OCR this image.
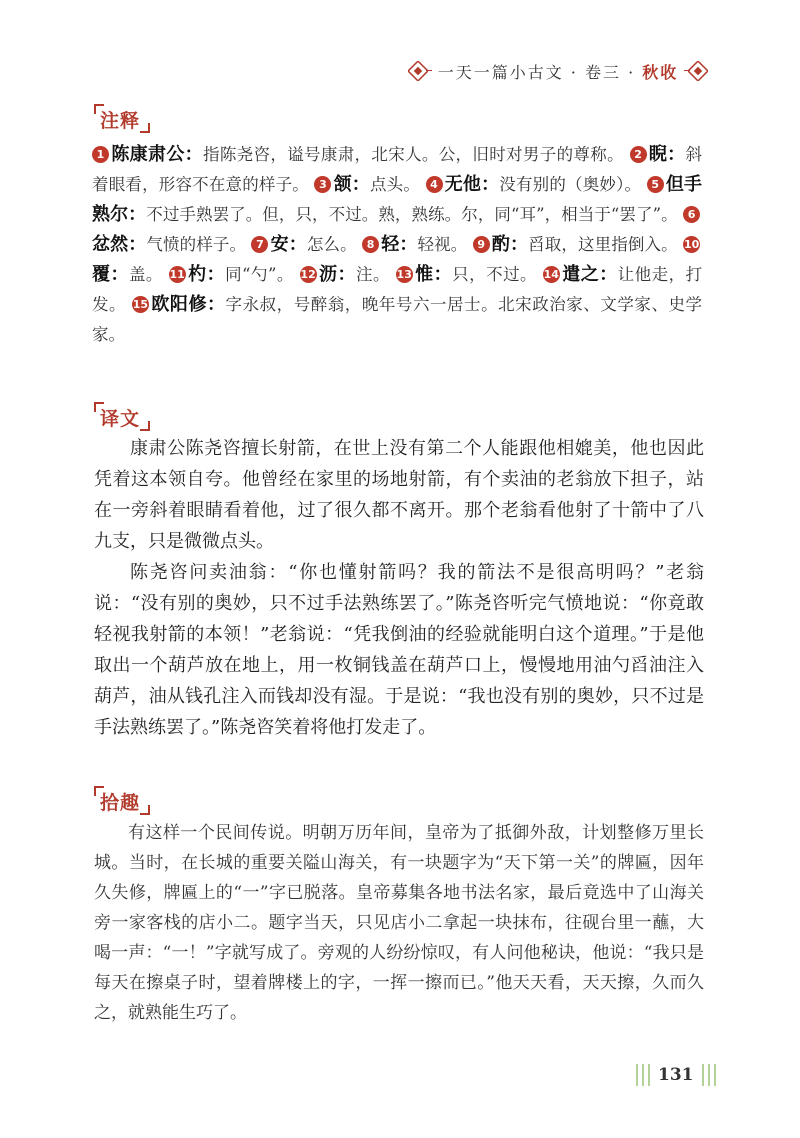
一天一篇小古文 · 卷三 · 秋收
注释
1 陈康肃公：指陈尧咨，谥号康肃，北宋人。公，旧时对男子的尊称。 2 睨：斜着眼看，形容不在意的样子。 3 颔：点头。 4 无他：没有别的（奥妙）。 5 但手熟尔：不过手熟罢了。但，只，不过。熟，熟练。尔，同“耳”，相当于“罢了”。 6忿然：气愤的样子。 7 安：怎么。 8 轻：轻视。 9 酌：舀取，这里指倒入。 10覆：盖。 11 杓：同“勺”。 12 沥：注。 13 惟：只，不过。 14 遣之：让他走，打发。 15 欧阳修：字永叔，号醉翁，晚年号六一居士。北宋政治家、文学家、史学家。
译文

康肃公陈尧咨擅长射箭，在世上没有第二个人能跟他相媲美，他也因此凭着这本领自夸。他曾经在家里的场地射箭，有个卖油的老翁放下担子，站在一旁斜着眼睛看着他，过了很久都不离开。那个老翁看他射了十箭中了八九支，只是微微点头。

陈尧咨问卖油翁：“你也懂射箭吗？我的箭法不是很高明吗？”老翁说：“没有别的奥妙，只不过手法熟练罢了。”陈尧咨听完气愤地说：“你竟敢轻视我射箭的本领！”老翁说：“凭我倒油的经验就能明白这个道理。”于是他取出一个葫芦放在地上，用一枚铜钱盖在葫芦口上，慢慢地用油勺舀油注入葫芦，油从钱孔注入而钱却没有湿。于是说：“我也没有别的奥妙，只不过是手法熟练罢了。”陈尧咨笑着将他打发走了。

拾趣

有这样一个民间传说。明朝万历年间，皇帝为了抵御外敌，计划整修万里长城。当时，在长城的重要关隘山海关，有一块题字为“天下第一关”的牌匾，因年久失修，牌匾上的“一”字已脱落。皇帝募集各地书法名家，最后竟选中了山海关旁一家客栈的店小二。题字当天，只见店小二拿起一块抹布，往砚台里一蘸，大喝一声：“一！”字就写成了。旁观的人纷纷惊叹，有人问他秘诀，他说：“我只是每天在擦桌子时，望着牌楼上的字，一挥一擦而已。”他天天看，天天擦，久而久之，就熟能生巧了。

131
